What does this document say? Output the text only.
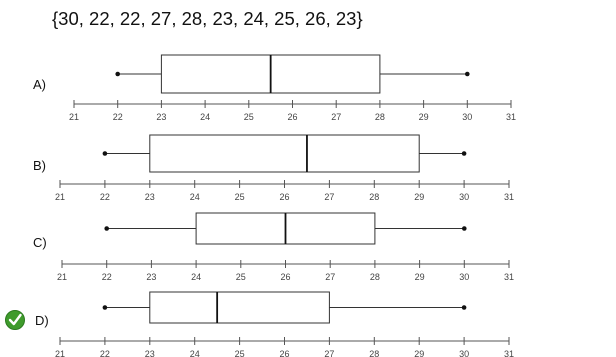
{30, 22, 22, 27, 28, 23, 24, 25, 26, 23}
A)
21	22	23	24	25	26	27	28	29	30	31
B)
21	22	23	24	25	26	27	28	29	30	31
C)
21	22	23	24	25	26	27	28	29	30	31
D)
21	22	23	24	25	26	27	28	29	30	31
